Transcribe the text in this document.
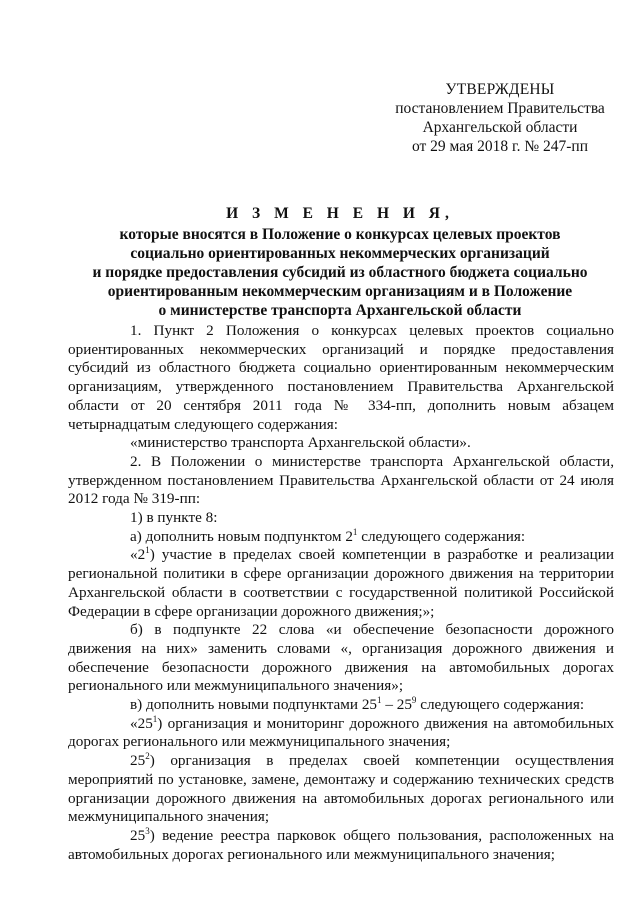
УТВЕРЖДЕНЫ
постановлением Правительства
Архангельской области
от 29 мая 2018 г. № 247-пп
И З М Е Н Е Н И Я,
которые вносятся в Положение о конкурсах целевых проектов
социально ориентированных некоммерческих организаций
и порядке предоставления субсидий из областного бюджета социально
ориентированным некоммерческим организациям и в Положение
о министерстве транспорта Архангельской области

1. Пункт 2 Положения о конкурсах целевых проектов социально ориентированных некоммерческих организаций и порядке предоставления субсидий из областного бюджета социально ориентированным некоммерческим организациям, утвержденного постановлением Правительства Архангельской области от 20 сентября 2011 года № 334-пп, дополнить новым абзацем четырнадцатым следующего содержания:

«министерство транспорта Архангельской области».

2. В Положении о министерстве транспорта Архангельской области, утвержденном постановлением Правительства Архангельской области от 24 июля 2012 года № 319-пп:

1) в пункте 8:

а) дополнить новым подпунктом $2^1$ следующего содержания:

«$2^1$) участие в пределах своей компетенции в разработке и реализации региональной политики в сфере организации дорожного движения на территории Архангельской области в соответствии с государственной политикой Российской Федерации в сфере организации дорожного движения;»;

б) в подпункте 22 слова «и обеспечение безопасности дорожного движения на них» заменить словами «, организация дорожного движения и обеспечение безопасности дорожного движения на автомобильных дорогах регионального или межмуниципального значения»;

в) дополнить новыми подпунктами $25^1 - 25^9$ следующего содержания:

«$25^1$) организация и мониторинг дорожного движения на автомобильных дорогах регионального или межмуниципального значения;

$25^2$) организация в пределах своей компетенции осуществления мероприятий по установке, замене, демонтажу и содержанию технических средств организации дорожного движения на автомобильных дорогах регионального или межмуниципального значения;

$25^3$) ведение реестра парковок общего пользования, расположенных на автомобильных дорогах регионального или межмуниципального значения;
